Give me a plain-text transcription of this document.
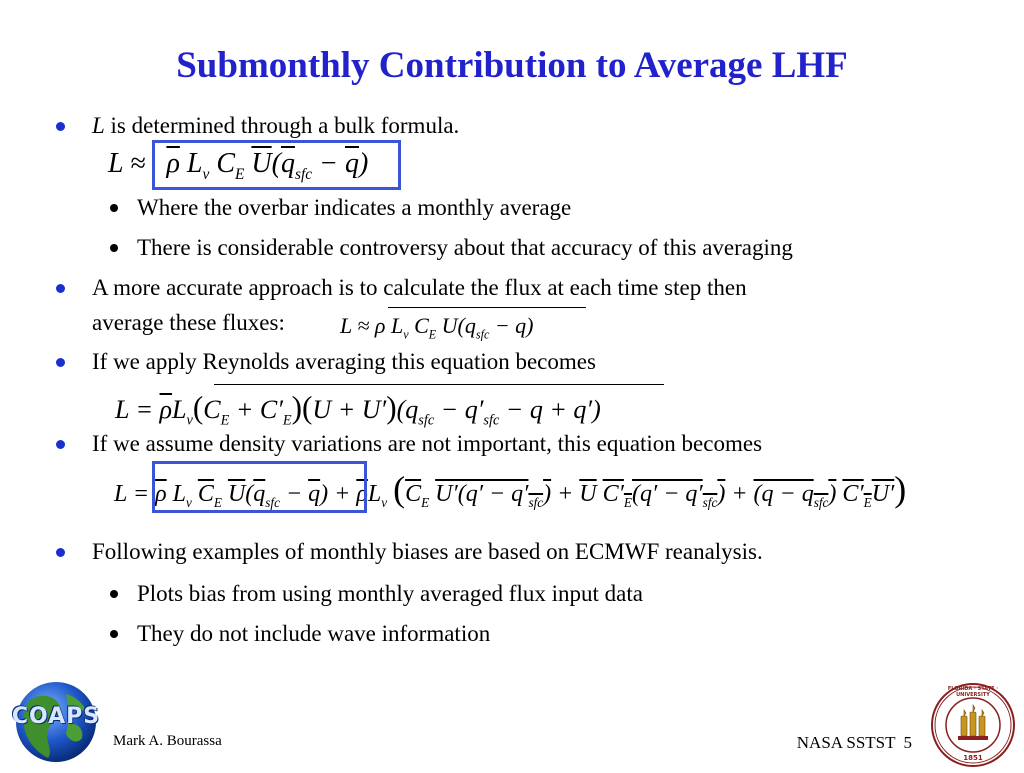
Submonthly Contribution to Average LHF
L is determined through a bulk formula.
$L \approx \overline{\rho}$ $L_v$ $C_E$ $\overline{U}(\overline{q}_{sfc} - \overline{q})$
Where the overbar indicates a monthly average
There is considerable controversy about that accuracy of this averaging
A more accurate approach is to calculate the flux at each time step then
average these fluxes:	L ≈ ρ $L_v$ $C_E$ $U(q_{sfc} - q)$
If we apply Reynolds averaging this equation becomes
$L = \overline{\rho}L_v(C_E + C'_E)(U + U')(q_{sfc} - q'_{sfc} - q + q')$
If we assume density variations are not important, this equation becomes
$L = \overline{\rho}$ $L_v$ $\overline{C}_E$ $\overline{U}(\overline{q}_{sfc} - \overline{q}) + \overline{\rho}L_v$ ($\overline{C}_E$ $U'(q' - q'_{sfc}) + \overline{U}$ $C'_E(q' - q'_{sfc}) + (q - q_{sfc})$ $C'_EU'$)
Following examples of monthly biases are based on ECMWF reanalysis.
Plots bias from using monthly averaged flux input data
They do not include wave information
COAPS
Mark A. Bourassa	NASA SSTST 5
FLORIDA · STATE · UNIVERSITY
1851
